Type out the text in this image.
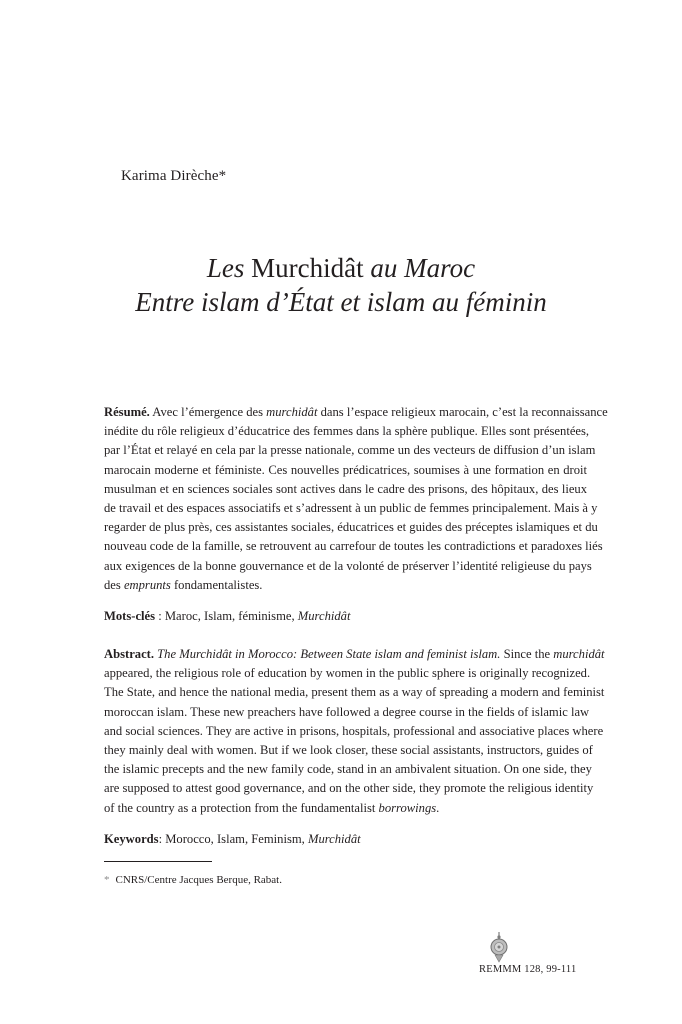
Karima Dirèche*
Les Murchidât au Maroc
Entre islam d’État et islam au féminin
Résumé. Avec l’émergence des murchidât dans l’espace religieux marocain, c’est la reconnaissance
inédite du rôle religieux d’éducatrice des femmes dans la sphère publique. Elles sont présentées,
par l’État et relayé en cela par la presse nationale, comme un des vecteurs de diffusion d’un islam
marocain moderne et féministe. Ces nouvelles prédicatrices, soumises à une formation en droit
musulman et en sciences sociales sont actives dans le cadre des prisons, des hôpitaux, des lieux
de travail et des espaces associatifs et s’adressent à un public de femmes principalement. Mais à y
regarder de plus près, ces assistantes sociales, éducatrices et guides des préceptes islamiques et du
nouveau code de la famille, se retrouvent au carrefour de toutes les contradictions et paradoxes liés
aux exigences de la bonne gouvernance et de la volonté de préserver l’identité religieuse du pays
des emprunts fondamentalistes.
Mots-clés : Maroc, Islam, féminisme, Murchidât
Abstract. The Murchidât in Morocco: Between State islam and feminist islam. Since the murchidât
appeared, the religious role of education by women in the public sphere is originally recognized.
The State, and hence the national media, present them as a way of spreading a modern and feminist
moroccan islam. These new preachers have followed a degree course in the fields of islamic law
and social sciences. They are active in prisons, hospitals, professional and associative places where
they mainly deal with women. But if we look closer, these social assistants, instructors, guides of
the islamic precepts and the new family code, stand in an ambivalent situation. On one side, they
are supposed to attest good governance, and on the other side, they promote the religious identity
of the country as a protection from the fundamentalist borrowings.
Keywords: Morocco, Islam, Feminism, Murchidât
* CNRS/Centre Jacques Berque, Rabat.
REMMM 128, 99-111
